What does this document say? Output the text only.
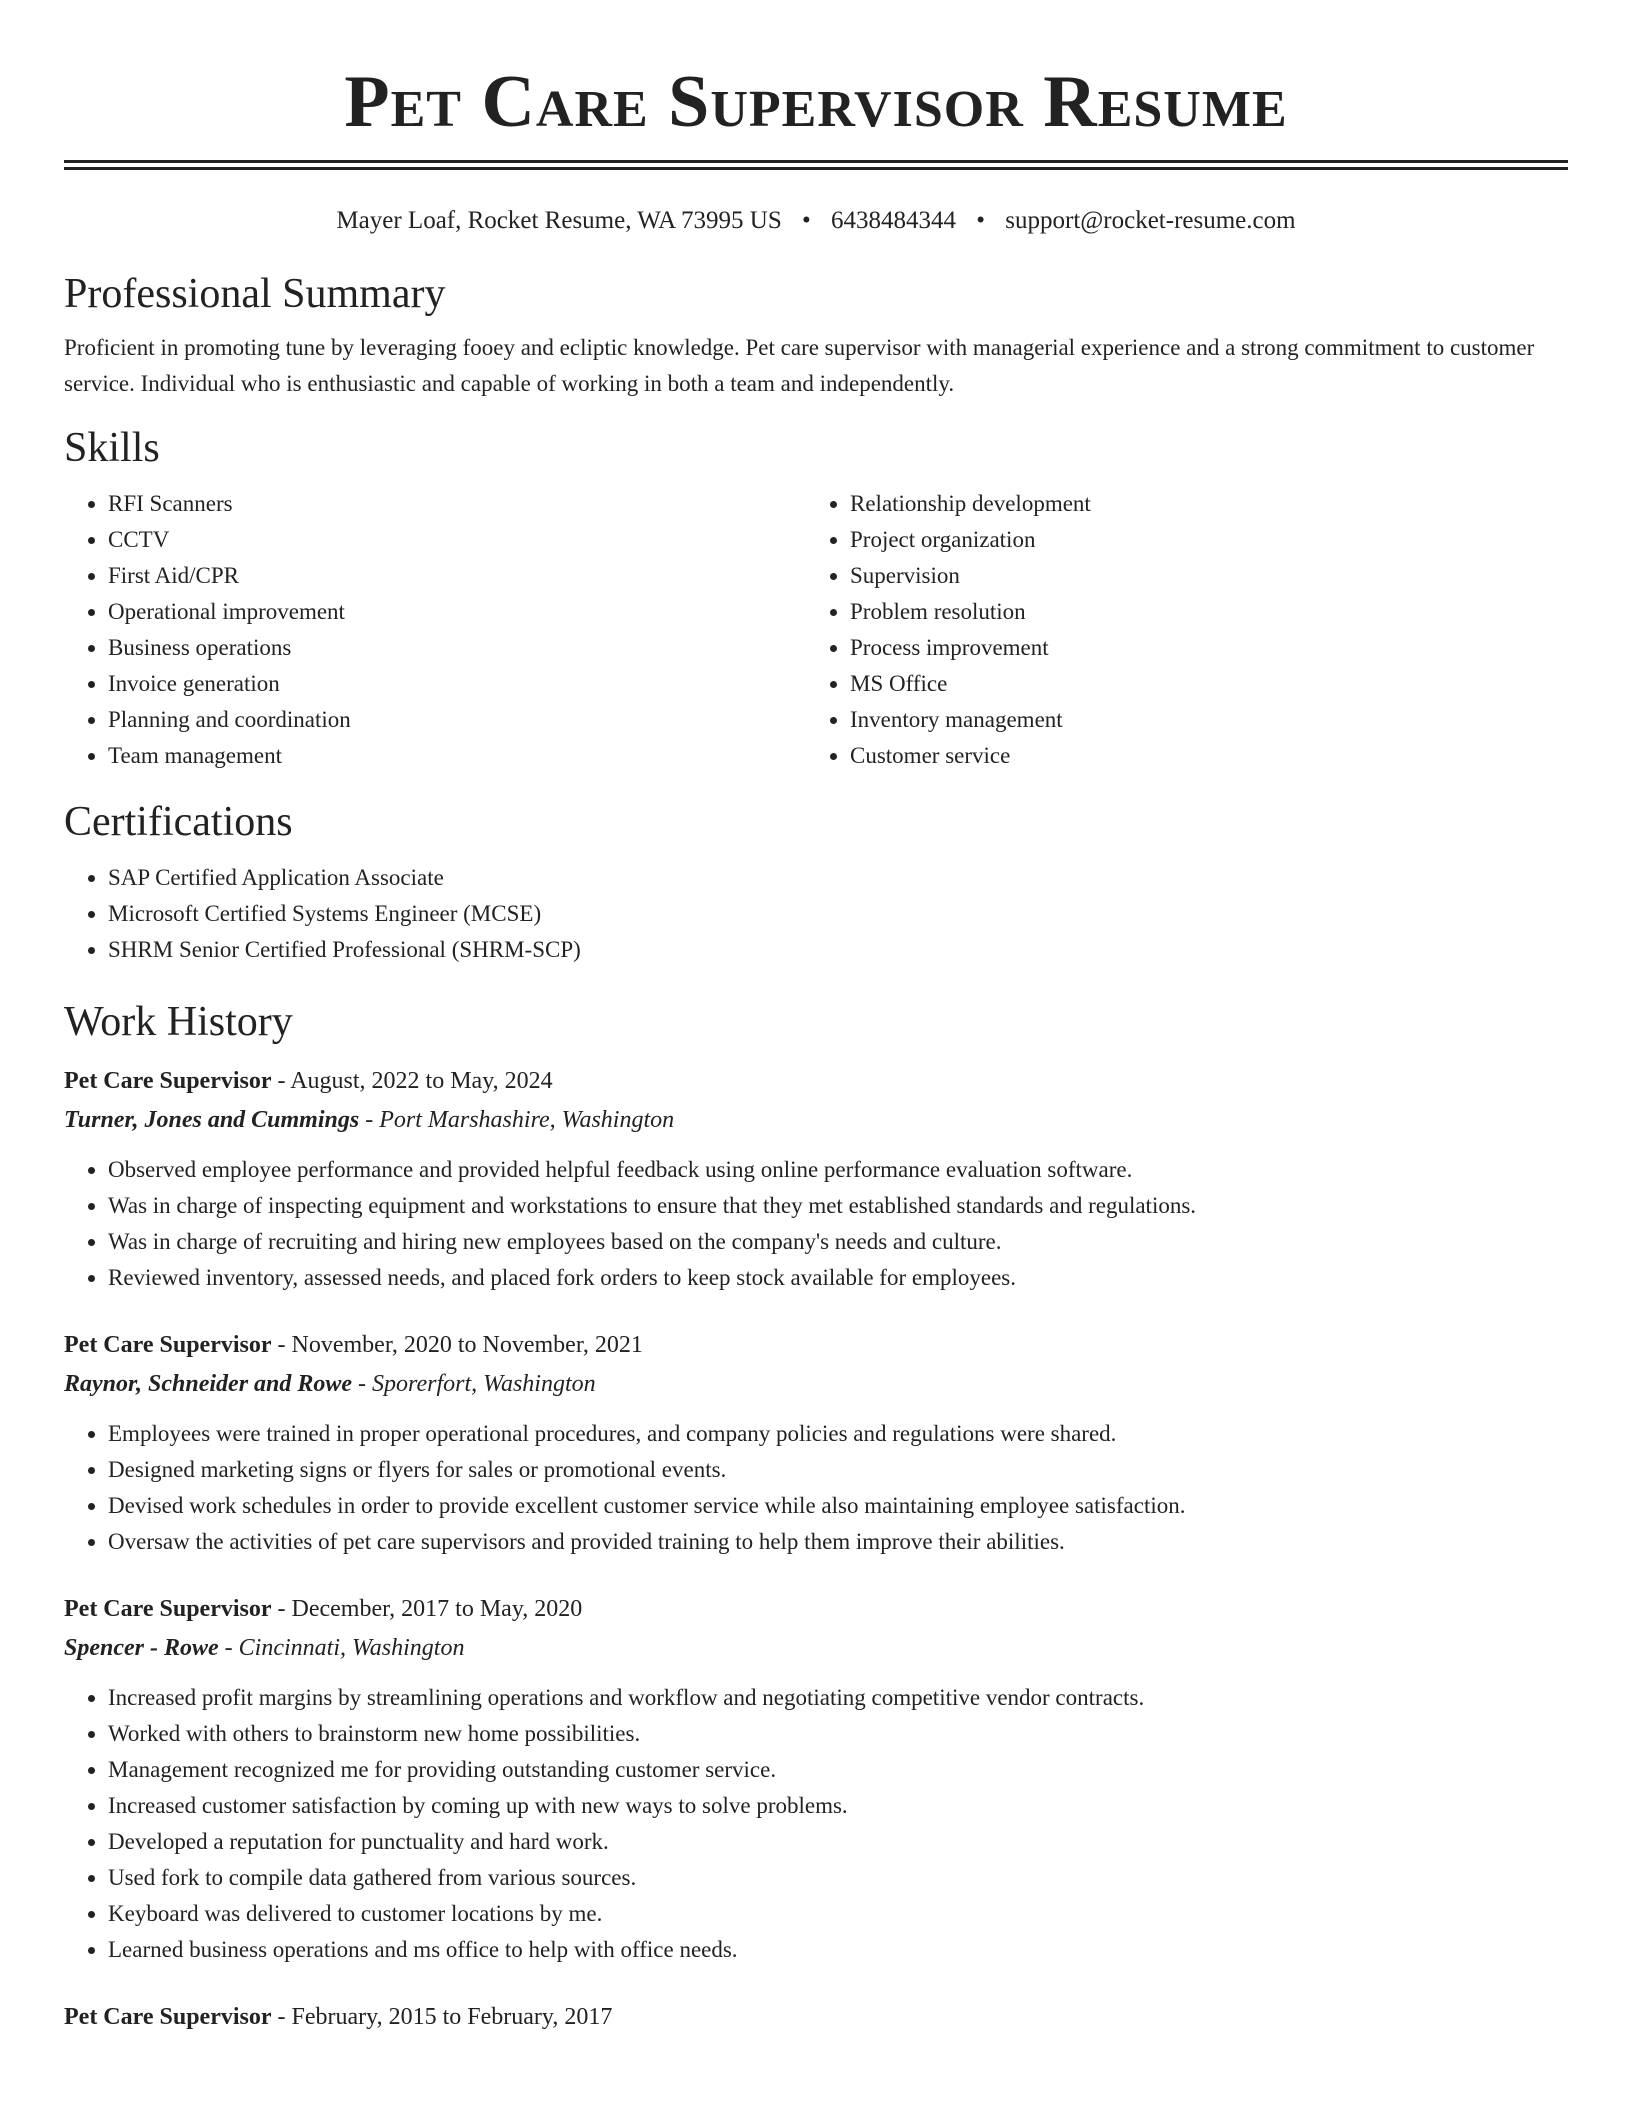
Pet Care Supervisor Resume
Mayer Loaf, Rocket Resume, WA 73995 US • 6438484344 • support@rocket-resume.com
Professional Summary

Proficient in promoting tune by leveraging fooey and ecliptic knowledge. Pet care supervisor with managerial experience and a strong commitment to customer service. Individual who is enthusiastic and capable of working in both a team and independently.

Skills
• RFI Scanners
• CCTV
• First Aid/CPR
• Operational improvement
• Business operations
• Invoice generation
• Planning and coordination
• Team management
• Relationship development
• Project organization
• Supervision
• Problem resolution
• Process improvement
• MS Office
• Inventory management
• Customer service
Certifications
• SAP Certified Application Associate
• Microsoft Certified Systems Engineer (MCSE)
• SHRM Senior Certified Professional (SHRM-SCP)
Work History
Pet Care Supervisor - August, 2022 to May, 2024
Turner, Jones and Cummings - Port Marshashire, Washington
• Observed employee performance and provided helpful feedback using online performance evaluation software.
• Was in charge of inspecting equipment and workstations to ensure that they met established standards and regulations.
• Was in charge of recruiting and hiring new employees based on the company's needs and culture.
• Reviewed inventory, assessed needs, and placed fork orders to keep stock available for employees.
Pet Care Supervisor - November, 2020 to November, 2021
Raynor, Schneider and Rowe - Sporerfort, Washington
• Employees were trained in proper operational procedures, and company policies and regulations were shared.
• Designed marketing signs or flyers for sales or promotional events.
• Devised work schedules in order to provide excellent customer service while also maintaining employee satisfaction.
• Oversaw the activities of pet care supervisors and provided training to help them improve their abilities.
Pet Care Supervisor - December, 2017 to May, 2020
Spencer - Rowe - Cincinnati, Washington
• Increased profit margins by streamlining operations and workflow and negotiating competitive vendor contracts.
• Worked with others to brainstorm new home possibilities.
• Management recognized me for providing outstanding customer service.
• Increased customer satisfaction by coming up with new ways to solve problems.
• Developed a reputation for punctuality and hard work.
• Used fork to compile data gathered from various sources.
• Keyboard was delivered to customer locations by me.
• Learned business operations and ms office to help with office needs.
Pet Care Supervisor - February, 2015 to February, 2017
